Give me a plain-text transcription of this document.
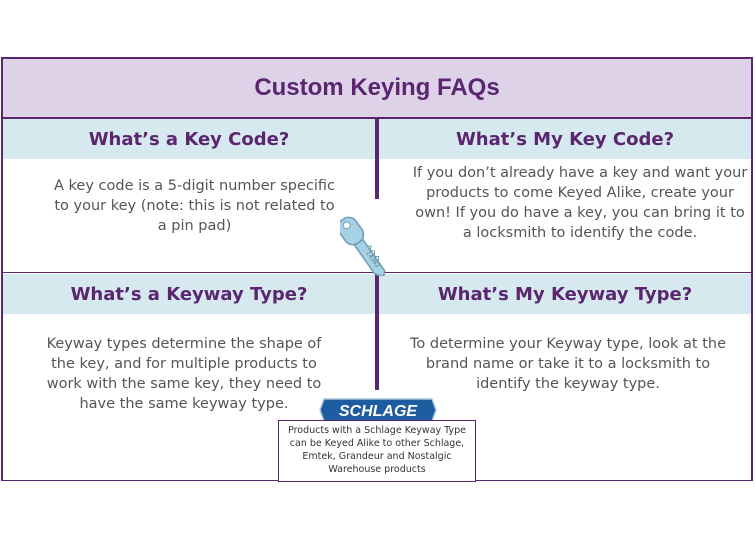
Custom Keying FAQs
What’s a Key Code?	What’s My Key Code?
A key code is a 5-digit number specific to your key (note: this is not related to a pin pad)
If you don’t already have a key and want your products to come Keyed Alike, create your own! If you do have a key, you can bring it to a locksmith to identify the code.
What’s a Keyway Type?	What’s My Keyway Type?
Keyway types determine the shape of the key, and for multiple products to work with the same key, they need to have the same keyway type.
To determine your Keyway type, look at the brand name or take it to a locksmith to identify the keyway type.
14362
SCHLAGE
Products with a Schlage Keyway Type can be Keyed Alike to other Schlage, Emtek, Grandeur and Nostalgic Warehouse products
